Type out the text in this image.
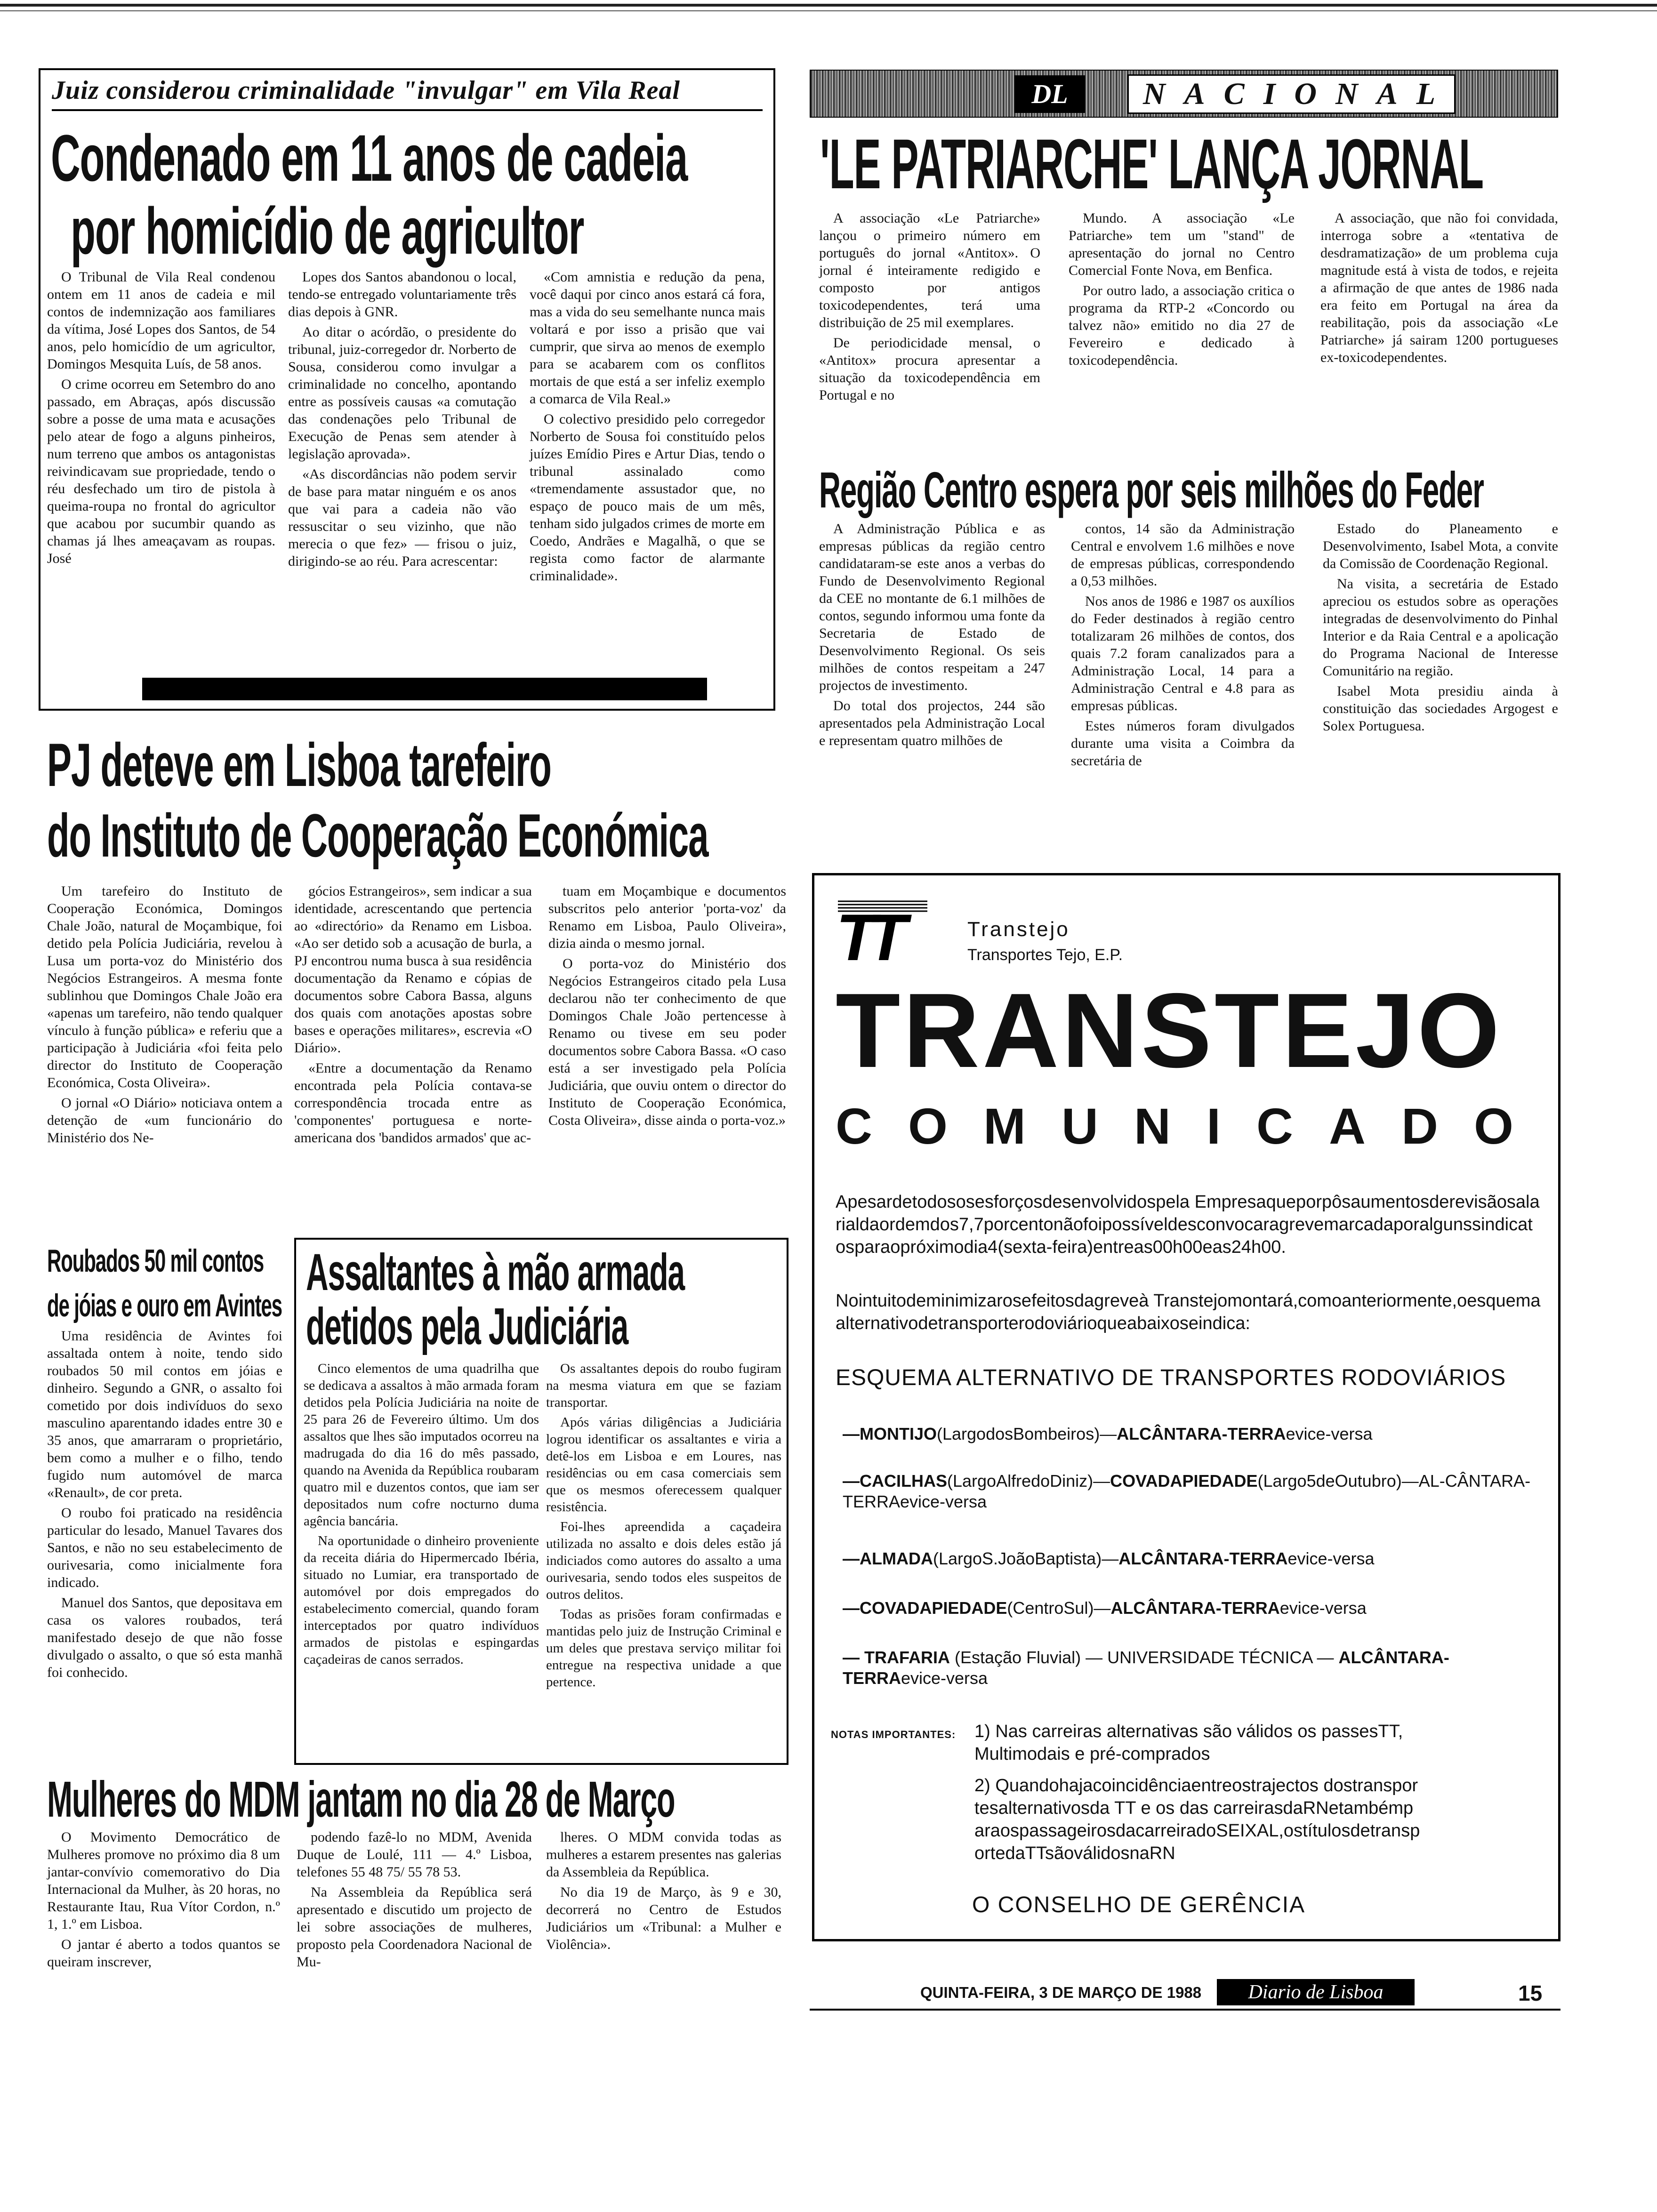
Juiz considerou criminalidade "invulgar" em Vila Real
Condenado em 11 anos de cadeia
por homicídio de agricultor

O Tribunal de Vila Real condenou ontem em 11 anos de cadeia e mil contos de indemnização aos familiares da vítima, José Lopes dos Santos, de 54 anos, pelo homicídio de um agricultor, Domingos Mesquita Luís, de 58 anos.

O crime ocorreu em Setembro do ano passado, em Abraças, após discussão sobre a posse de uma mata e acusações pelo atear de fogo a alguns pinheiros, num terreno que ambos os antagonistas reivindicavam sue propriedade, tendo o réu desfechado um tiro de pistola à queima-roupa no frontal do agricultor que acabou por sucumbir quando as chamas já lhes ameaçavam as roupas. José

Lopes dos Santos abandonou o local, tendo-se entregado voluntariamente três dias depois à GNR.

Ao ditar o acórdão, o presidente do tribunal, juiz-corregedor dr. Norberto de Sousa, considerou como invulgar a criminalidade no concelho, apontando entre as possíveis causas «a comutação das condenações pelo Tribunal de Execução de Penas sem atender à legislação aprovada».

«As discordâncias não podem servir de base para matar ninguém e os anos que vai para a cadeia não vão ressuscitar o seu vizinho, que não merecia o que fez» — frisou o juiz, dirigindo-se ao réu. Para acrescentar:

«Com amnistia e redução da pena, você daqui por cinco anos estará cá fora, mas a vida do seu semelhante nunca mais voltará e por isso a prisão que vai cumprir, que sirva ao menos de exemplo para se acabarem com os conflitos mortais de que está a ser infeliz exemplo a comarca de Vila Real.»

O colectivo presidido pelo corregedor Norberto de Sousa foi constituído pelos juízes Emídio Pires e Artur Dias, tendo o tribunal assinalado como «tremendamente assustador que, no espaço de pouco mais de um mês, tenham sido julgados crimes de morte em Coedo, Andrães e Magalhã, o que se regista como factor de alarmante criminalidade».

DL	NACIONAL
'LE PATRIARCHE' LANÇA JORNAL

A associação «Le Patriarche» lançou o primeiro número em português do jornal «Antitox». O jornal é inteiramente redigido e composto por antigos toxicodependentes, terá uma distribuição de 25 mil exemplares.

De periodicidade mensal, o «Antitox» procura apresentar a situação da toxicodependência em Portugal e no

Mundo. A associação «Le Patriarche» tem um "stand" de apresentação do jornal no Centro Comercial Fonte Nova, em Benfica.

Por outro lado, a associação critica o programa da RTP-2 «Concordo ou talvez não» emitido no dia 27 de Fevereiro e dedicado à toxicodependência.

A associação, que não foi convidada, interroga sobre a «tentativa de desdramatização» de um problema cuja magnitude está à vista de todos, e rejeita a afirmação de que antes de 1986 nada era feito em Portugal na área da reabilitação, pois da associação «Le Patriarche» já sairam 1200 portugueses ex-toxicodependentes.

Região Centro espera por seis milhões do Feder

A Administração Pública e as empresas públicas da região centro candidataram-se este anos a verbas do Fundo de Desenvolvimento Regional da CEE no montante de 6.1 milhões de contos, segundo informou uma fonte da Secretaria de Estado de Desenvolvimento Regional. Os seis milhões de contos respeitam a 247 projectos de investimento.

Do total dos projectos, 244 são apresentados pela Administração Local e representam quatro milhões de

contos, 14 são da Administração Central e envolvem 1.6 milhões e nove de empresas públicas, correspondendo a 0,53 milhões.

Nos anos de 1986 e 1987 os auxílios do Feder destinados à região centro totalizaram 26 milhões de contos, dos quais 7.2 foram canalizados para a Administração Local, 14 para a Administração Central e 4.8 para as empresas públicas.

Estes números foram divulgados durante uma visita a Coimbra da secretária de

Estado do Planeamento e Desenvolvimento, Isabel Mota, a convite da Comissão de Coordenação Regional.

Na visita, a secretária de Estado apreciou os estudos sobre as operações integradas de desenvolvimento do Pinhal Interior e da Raia Central e a apolicação do Programa Nacional de Interesse Comunitário na região.

Isabel Mota presidiu ainda à constituição das sociedades Argogest e Solex Portuguesa.

PJ deteve em Lisboa tarefeiro
do Instituto de Cooperação Económica

Um tarefeiro do Instituto de Cooperação Económica, Domingos Chale João, natural de Moçambique, foi detido pela Polícia Judiciária, revelou à Lusa um porta-voz do Ministério dos Negócios Estrangeiros. A mesma fonte sublinhou que Domingos Chale João era «apenas um tarefeiro, não tendo qualquer vínculo à função pública» e referiu que a participação à Judiciária «foi feita pelo director do Instituto de Cooperação Económica, Costa Oliveira».

O jornal «O Diário» noticiava ontem a detenção de «um funcionário do Ministério dos Ne-

gócios Estrangeiros», sem indicar a sua identidade, acrescentando que pertencia ao «directório» da Renamo em Lisboa. «Ao ser detido sob a acusação de burla, a PJ encontrou numa busca à sua residência documentação da Renamo e cópias de documentos sobre Cabora Bassa, alguns dos quais com anotações apostas sobre bases e operações militares», escrevia «O Diário».

«Entre a documentação da Renamo encontrada pela Polícia contava-se correspondência trocada entre as 'componentes' portuguesa e norte-americana dos 'bandidos armados' que ac-

tuam em Moçambique e documentos subscritos pelo anterior 'porta-voz' da Renamo em Lisboa, Paulo Oliveira», dizia ainda o mesmo jornal.

O porta-voz do Ministério dos Negócios Estrangeiros citado pela Lusa declarou não ter conhecimento de que Domingos Chale João pertencesse à Renamo ou tivese em seu poder documentos sobre Cabora Bassa. «O caso está a ser investigado pela Polícia Judiciária, que ouviu ontem o director do Instituto de Cooperação Económica, Costa Oliveira», disse ainda o porta-voz.»

Roubados 50 mil contos
de jóias e ouro em Avintes

Uma residência de Avintes foi assaltada ontem à noite, tendo sido roubados 50 mil contos em jóias e dinheiro. Segundo a GNR, o assalto foi cometido por dois indivíduos do sexo masculino aparentando idades entre 30 e 35 anos, que amarraram o proprietário, bem como a mulher e o filho, tendo fugido num automóvel de marca «Renault», de cor preta.

O roubo foi praticado na residência particular do lesado, Manuel Tavares dos Santos, e não no seu estabelecimento de ourivesaria, como inicialmente fora indicado.

Manuel dos Santos, que depositava em casa os valores roubados, terá manifestado desejo de que não fosse divulgado o assalto, o que só esta manhã foi conhecido.

Assaltantes à mão armada
detidos pela Judiciária

Cinco elementos de uma quadrilha que se dedicava a assaltos à mão armada foram detidos pela Polícia Judiciária na noite de 25 para 26 de Fevereiro último. Um dos assaltos que lhes são imputados ocorreu na madrugada do dia 16 do mês passado, quando na Avenida da República roubaram quatro mil e duzentos contos, que iam ser depositados num cofre nocturno duma agência bancária.

Na oportunidade o dinheiro proveniente da receita diária do Hipermercado Ibéria, situado no Lumiar, era transportado de automóvel por dois empregados do estabelecimento comercial, quando foram interceptados por quatro indivíduos armados de pistolas e espingardas caçadeiras de canos serrados.

Os assaltantes depois do roubo fugiram na mesma viatura em que se faziam transportar.

Após várias diligências a Judiciária logrou identificar os assaltantes e viria a detê-los em Lisboa e em Loures, nas residências ou em casa comerciais sem que os mesmos oferecessem qualquer resistência.

Foi-lhes apreendida a caçadeira utilizada no assalto e dois deles estão já indiciados como autores do assalto a uma ourivesaria, sendo todos eles suspeitos de outros delitos.

Todas as prisões foram confirmadas e mantidas pelo juiz de Instrução Criminal e um deles que prestava serviço militar foi entregue na respectiva unidade a que pertence.

Mulheres do MDM jantam no dia 28 de Março

O Movimento Democrático de Mulheres promove no próximo dia 8 um jantar-convívio comemorativo do Dia Internacional da Mulher, às 20 horas, no Restaurante Itau, Rua Vítor Cordon, n.º 1, 1.º em Lisboa.

O jantar é aberto a todos quantos se queiram inscrever,

podendo fazê-lo no MDM, Avenida Duque de Loulé, 111 — 4.º Lisboa, telefones 55 48 75/ 55 78 53.

Na Assembleia da República será apresentado e discutido um projecto de lei sobre associações de mulheres, proposto pela Coordenadora Nacional de Mu-

lheres. O MDM convida todas as mulheres a estarem presentes nas galerias da Assembleia da República.

No dia 19 de Março, às 9 e 30, decorrerá no Centro de Estudos Judiciários um «Tribunal: a Mulher e Violência».

TT	Transtejo
Transportes Tejo, E.P.
TRANSTEJO
COMUNICADO
Apesardetodososesforçosdesenvolvidospela Empresaqueporpôsaumentosderevisãosalarialdaordemdos7,7porcentonãofoipossíveldesconvocaragrevemarcadaporalgunssindicatosparaopróximodia4(sexta-feira)entreas00h00eas24h00.
Nointuitodeminimizarosefeitosdagreveà Transtejomontará,comoanteriormente,oesquemaalternativodetransporterodoviárioqueabaixoseindica:
ESQUEMA ALTERNATIVO DE TRANSPORTES RODOVIÁRIOS
—MONTIJO(LargodosBombeiros)—ALCÂNTARA-TERRAevice-versa
—CACILHAS(LargoAlfredoDiniz)—COVADAPIEDADE(Largo5deOutubro)—AL-CÂNTARA-TERRAevice-versa
—ALMADA(LargoS.JoãoBaptista)—ALCÂNTARA-TERRAevice-versa
—COVADAPIEDADE(CentroSul)—ALCÂNTARA-TERRAevice-versa
— TRAFARIA (Estação Fluvial) — UNIVERSIDADE TÉCNICA — ALCÂNTARA-TERRAevice-versa
NOTAS IMPORTANTES: 1) Nas carreiras alternativas são válidos os passesTT, Multimodais e pré-comprados
2) Quandohajacoincidênciaentreostrajectos dostransportesalternativosda TT e os das carreirasdaRNetambémparaospassageirosdacarreiradoSEIXAL,ostítulosdetransportedaTTsãoválidosnaRN
O CONSELHO DE GERÊNCIA
QUINTA-FEIRA, 3 DE MARÇO DE 1988	Diario de Lisboa	15
